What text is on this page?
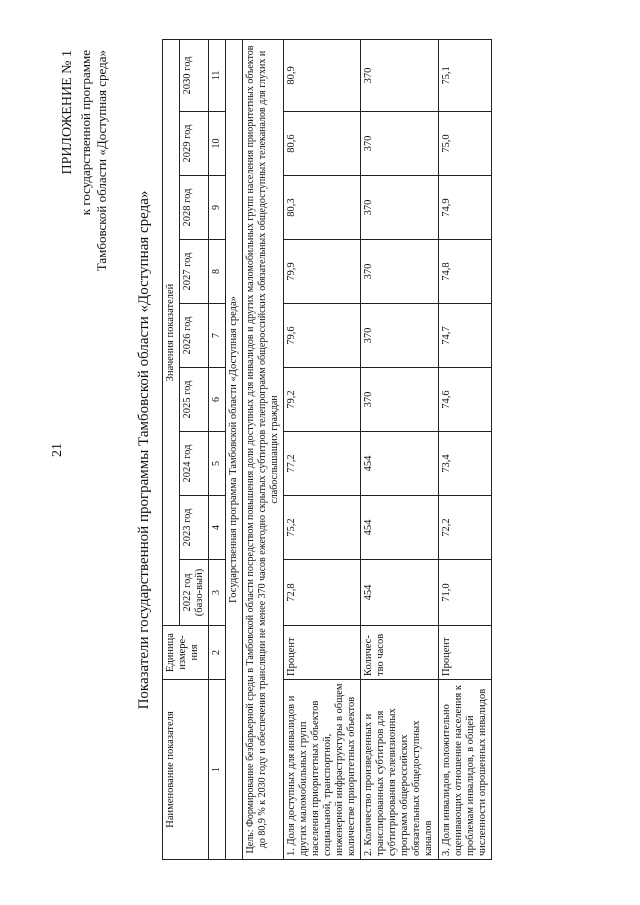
21
ПРИЛОЖЕНИЕ № 1 к государственной программе Тамбовской области «Доступная среда»
Показатели государственной программы Тамбовской области «Доступная среда»
Наименование показателя	Единица измере-ния	Значения показателей								
		2022 год (базо-вый)	2023 год	2024 год	2025 год	2026 год	2027 год	2028 год	2029 год	2030 год
1	2	3	4	5	6	7	8	9	10	11
Государственная программа Тамбовской области «Доступная среда»										
Цель: Формирование безбарьерной среды в Тамбовской области посредством повышения доли доступных для инвалидов и других маломобильных групп населения приоритетных объектов до 80,9 % к 2030 году и обеспечения трансляции не менее 370 часов ежегодно скрытых субтитров телепрограмм общероссийских обязательных общедоступных телеканалов для глухих и слабослышащих граждан										
1. Доля доступных для инвалидов и других маломобильных групп населения приоритетных объектов социальной, транспортной, инженерной инфраструктуры в общем количестве приоритетных объектов	Процент	72,8	75,2	77,2	79,2	79,6	79,9	80,3	80,6	80,9
2. Количество произведенных и транслированных субтитров для субтитрирования телевизионных программ общероссийских обязательных общедоступных каналов	Количес-тво часов	454	454	454	370	370	370	370	370	370
3. Доля инвалидов, положительно оценивающих отношение населения к проблемам инвалидов, в общей численности опрошенных инвалидов	Процент	71,0	72,2	73,4	74,6	74,7	74,8	74,9	75,0	75,1
